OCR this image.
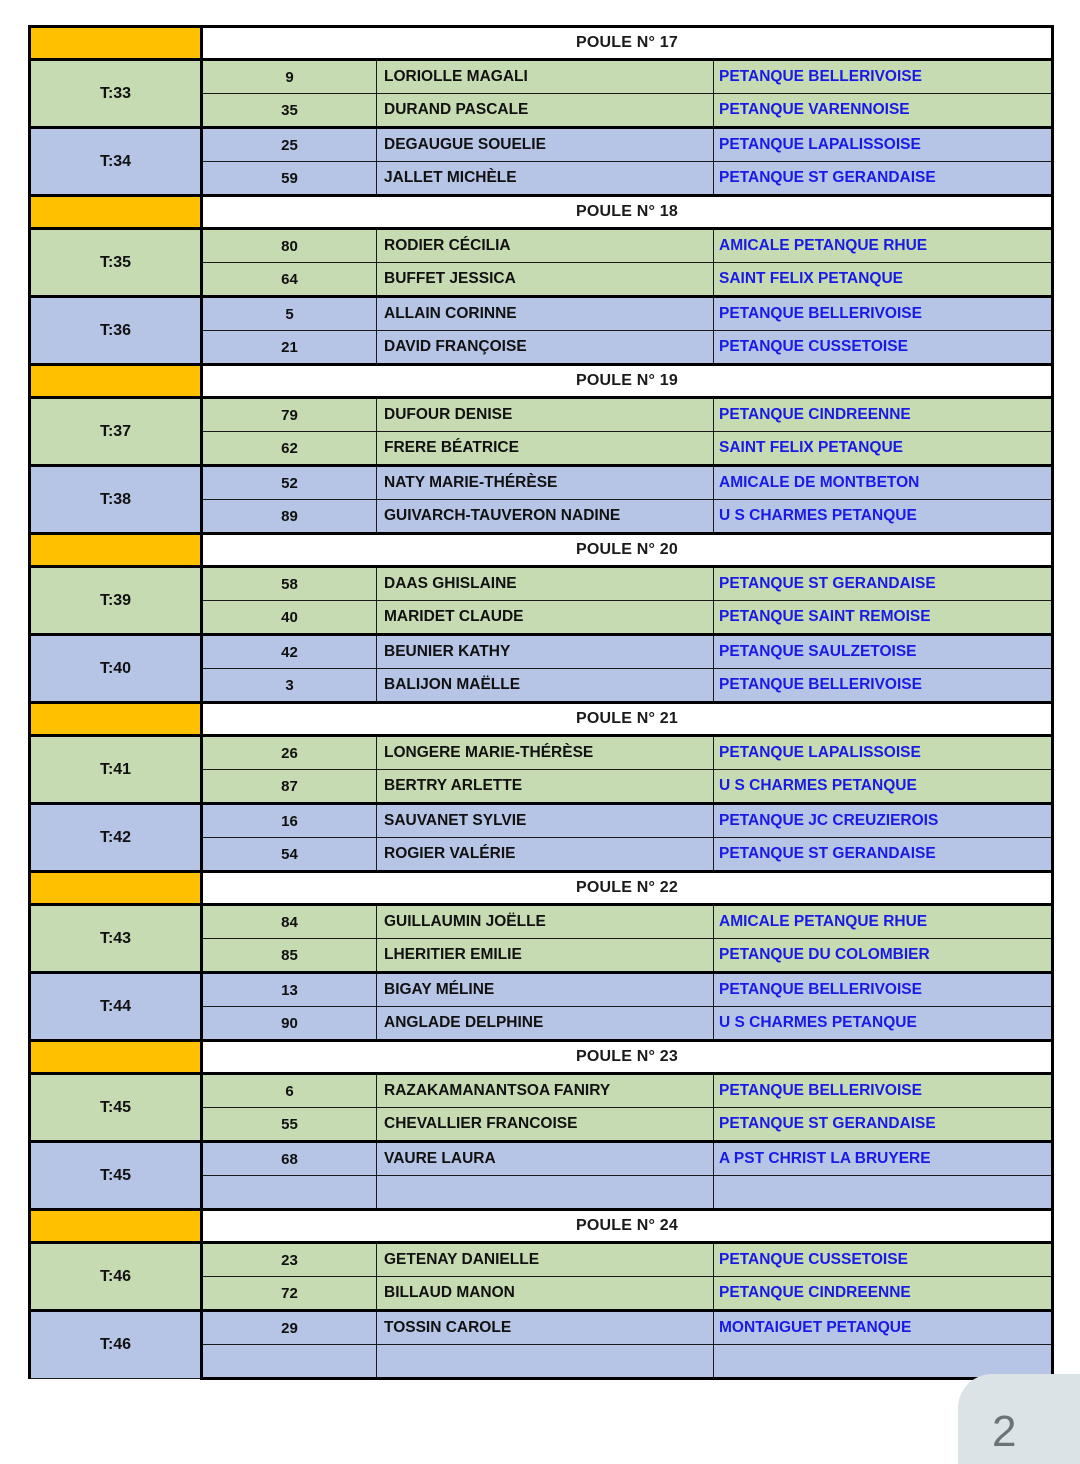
	POULE N° 17		
T:33	9	LORIOLLE MAGALI	PETANQUE BELLERIVOISE
	35	DURAND PASCALE	PETANQUE VARENNOISE
T:34	25	DEGAUGUE SOUELIE	PETANQUE LAPALISSOISE
	59	JALLET MICHÈLE	PETANQUE ST GERANDAISE
	POULE N° 18		
T:35	80	RODIER CÉCILIA	AMICALE PETANQUE RHUE
	64	BUFFET JESSICA	SAINT FELIX PETANQUE
T:36	5	ALLAIN CORINNE	PETANQUE BELLERIVOISE
	21	DAVID FRANÇOISE	PETANQUE CUSSETOISE
	POULE N° 19		
T:37	79	DUFOUR DENISE	PETANQUE CINDREENNE
	62	FRERE BÉATRICE	SAINT FELIX PETANQUE
T:38	52	NATY MARIE-THÉRÈSE	AMICALE DE MONTBETON
	89	GUIVARCH-TAUVERON NADINE	U S CHARMES PETANQUE
	POULE N° 20		
T:39	58	DAAS GHISLAINE	PETANQUE ST GERANDAISE
	40	MARIDET CLAUDE	PETANQUE SAINT REMOISE
T:40	42	BEUNIER KATHY	PETANQUE SAULZETOISE
	3	BALIJON MAËLLE	PETANQUE BELLERIVOISE
	POULE N° 21		
T:41	26	LONGERE MARIE-THÉRÈSE	PETANQUE LAPALISSOISE
	87	BERTRY ARLETTE	U S CHARMES PETANQUE
T:42	16	SAUVANET SYLVIE	PETANQUE JC CREUZIEROIS
	54	ROGIER VALÉRIE	PETANQUE ST GERANDAISE
	POULE N° 22		
T:43	84	GUILLAUMIN JOËLLE	AMICALE PETANQUE RHUE
	85	LHERITIER EMILIE	PETANQUE DU COLOMBIER
T:44	13	BIGAY MÉLINE	PETANQUE BELLERIVOISE
	90	ANGLADE DELPHINE	U S CHARMES PETANQUE
	POULE N° 23		
T:45	6	RAZAKAMANANTSOA FANIRY	PETANQUE BELLERIVOISE
	55	CHEVALLIER FRANCOISE	PETANQUE ST GERANDAISE
T:45	68	VAURE LAURA	A PST CHRIST LA BRUYERE

	POULE N° 24		
T:46	23	GETENAY DANIELLE	PETANQUE CUSSETOISE
	72	BILLAUD MANON	PETANQUE CINDREENNE
T:46	29	TOSSIN CAROLE	MONTAIGUET PETANQUE

2
